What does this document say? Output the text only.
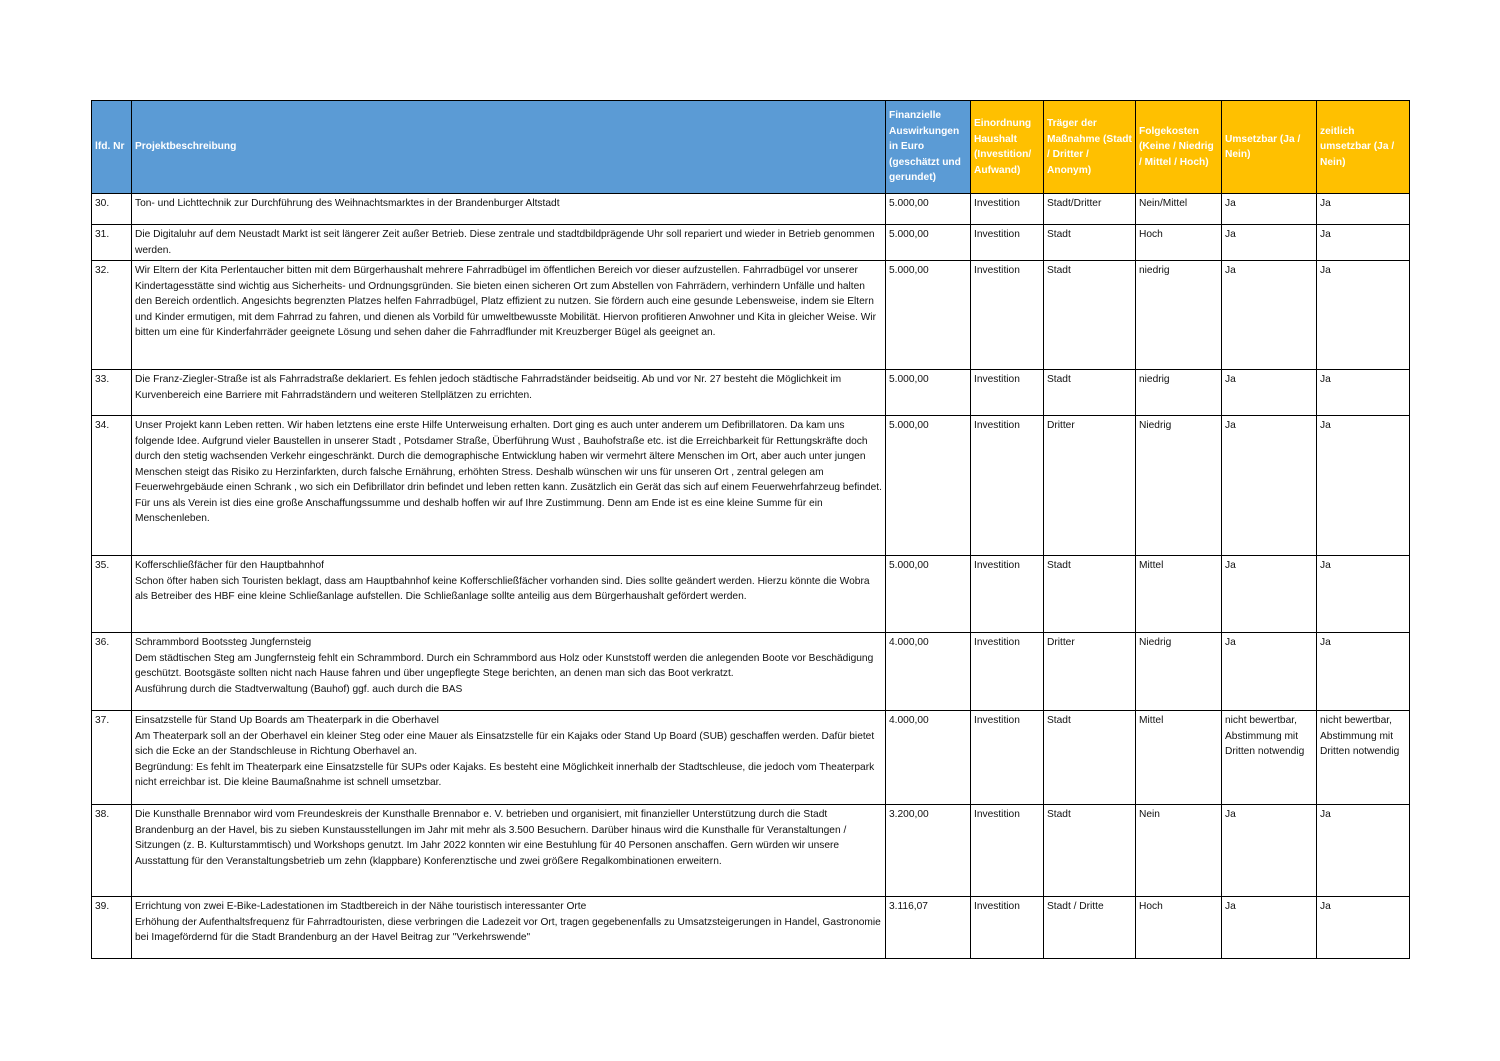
lfd. Nr	Projektbeschreibung	Finanzielle Auswirkungen in Euro (geschätzt und gerundet)	Einordnung Haushalt (Investition/ Aufwand)	Träger der Maßnahme (Stadt / Dritter / Anonym)	Folgekosten (Keine / Niedrig / Mittel / Hoch)	Umsetzbar (Ja / Nein)	zeitlich umsetzbar (Ja / Nein)
30.	Ton- und Lichttechnik zur Durchführung des Weihnachtsmarktes in der Brandenburger Altstadt	5.000,00	Investition	Stadt/Dritter	Nein/Mittel	Ja	Ja
31.	Die Digitaluhr auf dem Neustadt Markt ist seit längerer Zeit außer Betrieb. Diese zentrale und stadtdbildprägende Uhr soll repariert und wieder in Betrieb genommen werden.	5.000,00	Investition	Stadt	Hoch	Ja	Ja
32.	Wir Eltern der Kita Perlentaucher bitten mit dem Bürgerhaushalt mehrere Fahrradbügel im öffentlichen Bereich vor dieser aufzustellen. Fahrradbügel vor unserer Kindertagesstätte sind wichtig aus Sicherheits- und Ordnungsgründen. Sie bieten einen sicheren Ort zum Abstellen von Fahrrädern, verhindern Unfälle und halten den Bereich ordentlich. Angesichts begrenzten Platzes helfen Fahrradbügel, Platz effizient zu nutzen. Sie fördern auch eine gesunde Lebensweise, indem sie Eltern und Kinder ermutigen, mit dem Fahrrad zu fahren, und dienen als Vorbild für umweltbewusste Mobilität. Hiervon profitieren Anwohner und Kita in gleicher Weise. Wir bitten um eine für Kinderfahrräder geeignete Lösung und sehen daher die Fahrradflunder mit Kreuzberger Bügel als geeignet an.	5.000,00	Investition	Stadt	niedrig	Ja	Ja
33.	Die Franz-Ziegler-Straße ist als Fahrradstraße deklariert. Es fehlen jedoch städtische Fahrradständer beidseitig. Ab und vor Nr. 27 besteht die Möglichkeit im Kurvenbereich eine Barriere mit Fahrradständern und weiteren Stellplätzen zu errichten.	5.000,00	Investition	Stadt	niedrig	Ja	Ja
34.	Unser Projekt kann Leben retten. Wir haben letztens eine erste Hilfe Unterweisung erhalten. Dort ging es auch unter anderem um Defibrillatoren. Da kam uns folgende Idee. Aufgrund vieler Baustellen in unserer Stadt , Potsdamer Straße, Überführung Wust , Bauhofstraße etc. ist die Erreichbarkeit für Rettungskräfte doch durch den stetig wachsenden Verkehr eingeschränkt. Durch die demographische Entwicklung haben wir vermehrt ältere Menschen im Ort, aber auch unter jungen Menschen steigt das Risiko zu Herzinfarkten, durch falsche Ernährung, erhöhten Stress. Deshalb wünschen wir uns für unseren Ort , zentral gelegen am Feuerwehrgebäude einen Schrank , wo sich ein Defibrillator drin befindet und leben retten kann. Zusätzlich ein Gerät das sich auf einem Feuerwehrfahrzeug befindet. Für uns als Verein ist dies eine große Anschaffungssumme und deshalb hoffen wir auf Ihre Zustimmung. Denn am Ende ist es eine kleine Summe für ein Menschenleben.	5.000,00	Investition	Dritter	Niedrig	Ja	Ja
35.	Kofferschließfächer für den Hauptbahnhof
Schon öfter haben sich Touristen beklagt, dass am Hauptbahnhof keine Kofferschließfächer vorhanden sind. Dies sollte geändert werden. Hierzu könnte die Wobra als Betreiber des HBF eine kleine Schließanlage aufstellen. Die Schließanlage sollte anteilig aus dem Bürgerhaushalt gefördert werden.	5.000,00	Investition	Stadt	Mittel	Ja	Ja
36.	Schrammbord Bootssteg Jungfernsteig
Dem städtischen Steg am Jungfernsteig fehlt ein Schrammbord. Durch ein Schrammbord aus Holz oder Kunststoff werden die anlegenden Boote vor Beschädigung geschützt. Bootsgäste sollten nicht nach Hause fahren und über ungepflegte Stege berichten, an denen man sich das Boot verkratzt.
Ausführung durch die Stadtverwaltung (Bauhof) ggf. auch durch die BAS	4.000,00	Investition	Dritter	Niedrig	Ja	Ja
37.	Einsatzstelle für Stand Up Boards am Theaterpark in die Oberhavel
Am Theaterpark soll an der Oberhavel ein kleiner Steg oder eine Mauer als Einsatzstelle für ein Kajaks oder Stand Up Board (SUB) geschaffen werden. Dafür bietet sich die Ecke an der Standschleuse in Richtung Oberhavel an.
Begründung: Es fehlt im Theaterpark eine Einsatzstelle für SUPs oder Kajaks. Es besteht eine Möglichkeit innerhalb der Stadtschleuse, die jedoch vom Theaterpark nicht erreichbar ist. Die kleine Baumaßnahme ist schnell umsetzbar.	4.000,00	Investition	Stadt	Mittel	nicht bewertbar, Abstimmung mit Dritten notwendig	nicht bewertbar, Abstimmung mit Dritten notwendig
38.	Die Kunsthalle Brennabor wird vom Freundeskreis der Kunsthalle Brennabor e. V. betrieben und organisiert, mit finanzieller Unterstützung durch die Stadt Brandenburg an der Havel, bis zu sieben Kunstausstellungen im Jahr mit mehr als 3.500 Besuchern. Darüber hinaus wird die Kunsthalle für Veranstaltungen / Sitzungen (z. B. Kulturstammtisch) und Workshops genutzt. Im Jahr 2022 konnten wir eine Bestuhlung für 40 Personen anschaffen. Gern würden wir unsere Ausstattung für den Veranstaltungsbetrieb um zehn (klappbare) Konferenztische und zwei größere Regalkombinationen erweitern.	3.200,00	Investition	Stadt	Nein	Ja	Ja
39.	Errichtung von zwei E-Bike-Ladestationen im Stadtbereich in der Nähe touristisch interessanter Orte
Erhöhung der Aufenthaltsfrequenz für Fahrradtouristen, diese verbringen die Ladezeit vor Ort, tragen gegebenenfalls zu Umsatzsteigerungen in Handel, Gastronomie bei Imagefördernd für die Stadt Brandenburg an der Havel Beitrag zur "Verkehrswende"	3.116,07	Investition	Stadt / Dritte	Hoch	Ja	Ja
